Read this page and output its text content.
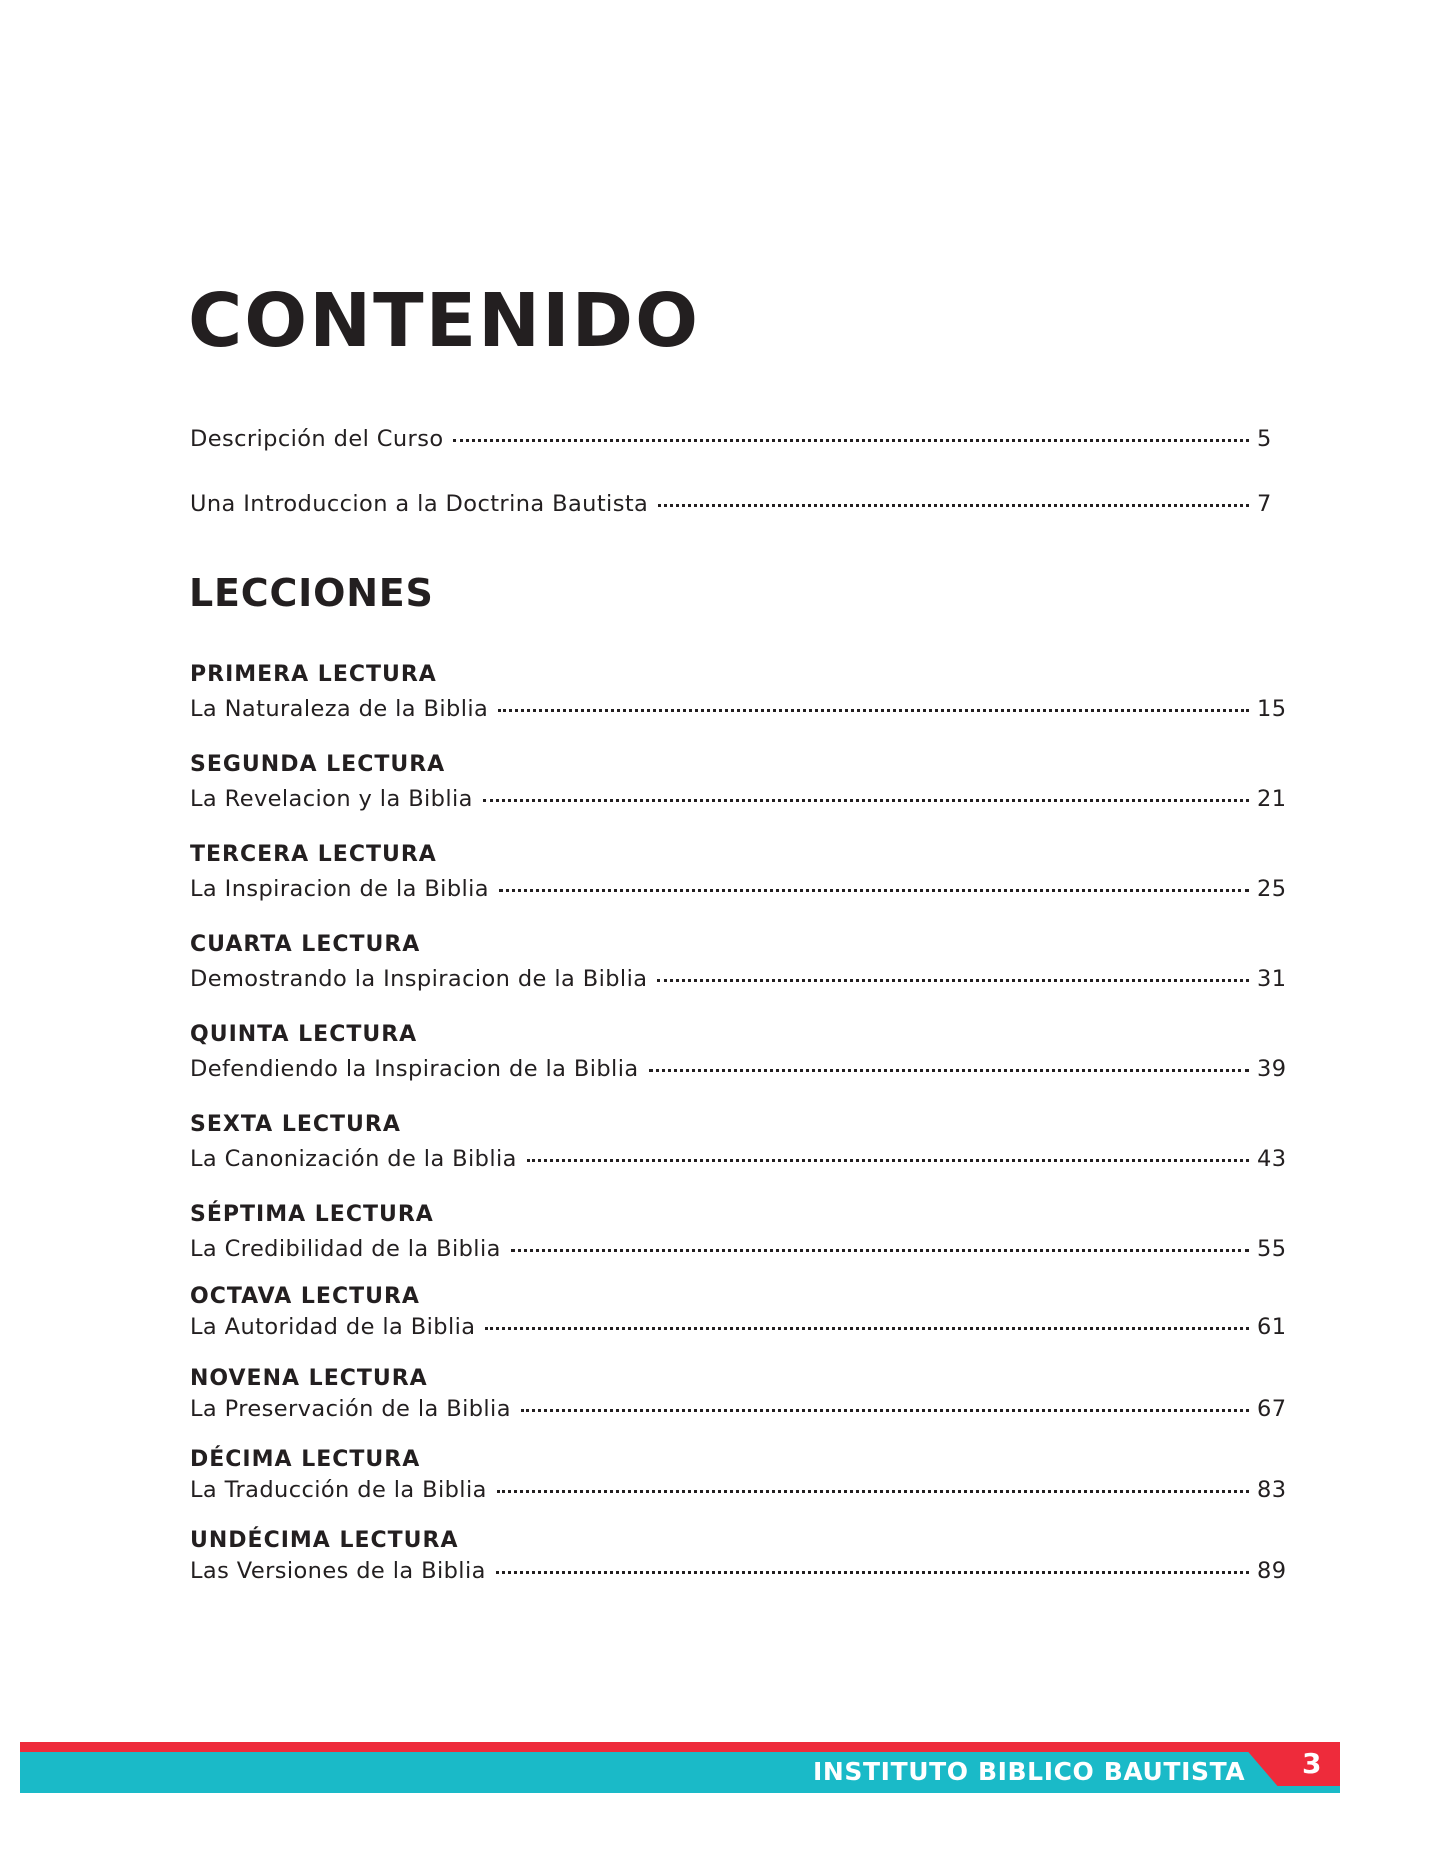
CONTENIDO
Descripción del Curso	5
Una Introduccion a la Doctrina Bautista	7
LECCIONES
PRIMERA LECTURA
La Naturaleza de la Biblia	15
SEGUNDA LECTURA
La Revelacion y la Biblia	21
TERCERA LECTURA
La Inspiracion de la Biblia	25
CUARTA LECTURA
Demostrando la Inspiracion de la Biblia	31
QUINTA LECTURA
Defendiendo la Inspiracion de la Biblia	39
SEXTA LECTURA
La Canonización de la Biblia	43
SÉPTIMA LECTURA
La Credibilidad de la Biblia	55
OCTAVA LECTURA
La Autoridad de la Biblia	61
NOVENA LECTURA
La Preservación de la Biblia	67
DÉCIMA LECTURA
La Traducción de la Biblia	83
UNDÉCIMA LECTURA
Las Versiones de la Biblia	89
INSTITUTO BIBLICO BAUTISTA 3
